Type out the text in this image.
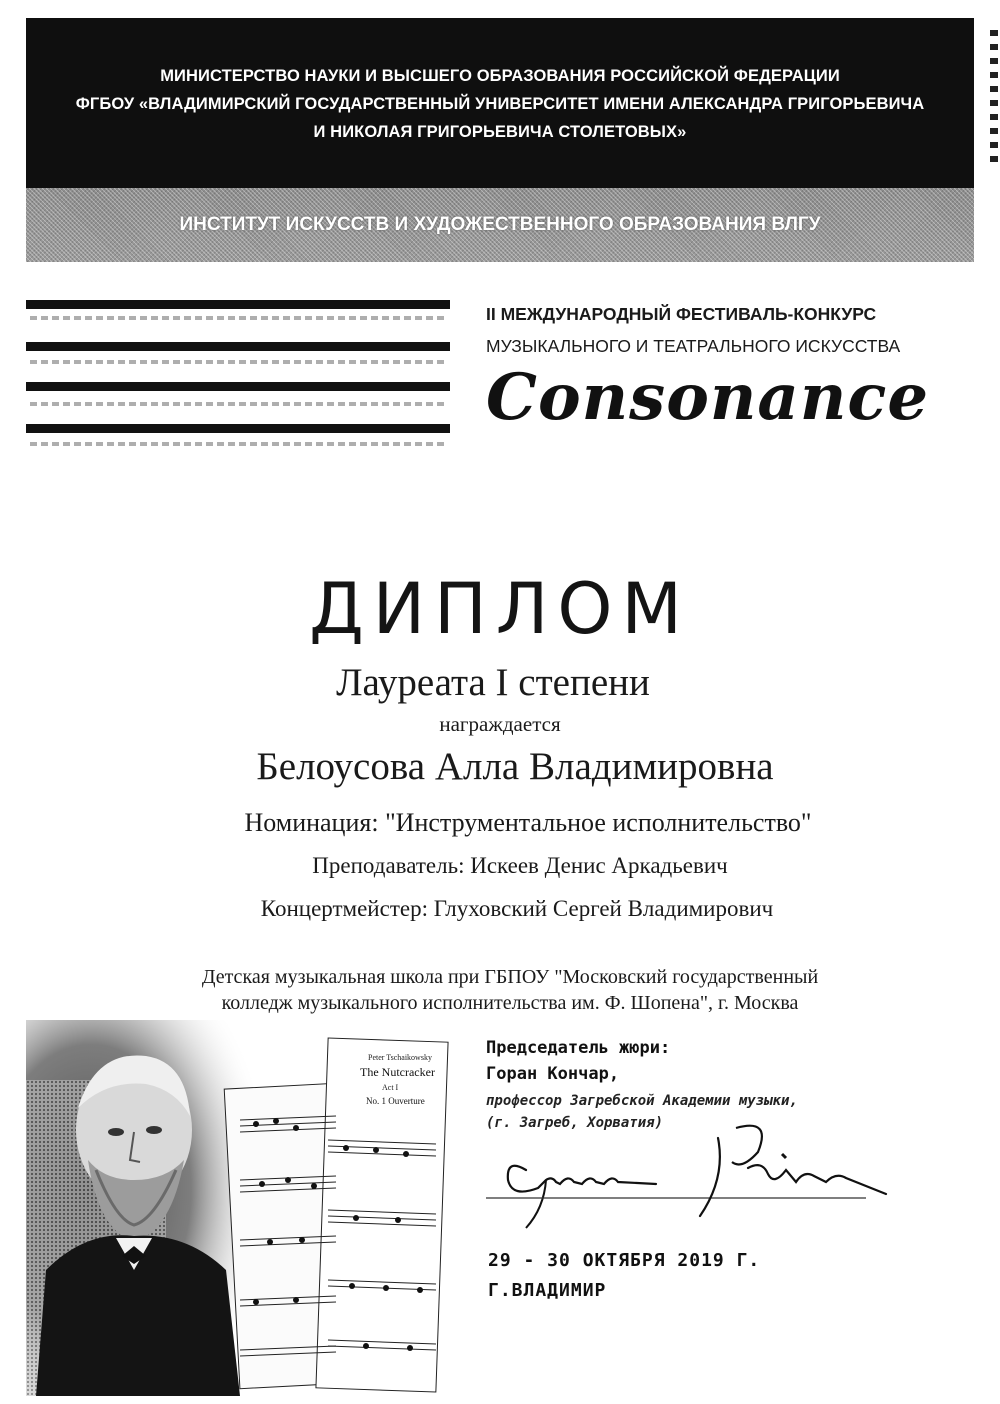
МИНИСТЕРСТВО НАУКИ И ВЫСШЕГО ОБРАЗОВАНИЯ РОССИЙСКОЙ ФЕДЕРАЦИИ
ФГБОУ «ВЛАДИМИРСКИЙ ГОСУДАРСТВЕННЫЙ УНИВЕРСИТЕТ ИМЕНИ АЛЕКСАНДРА ГРИГОРЬЕВИЧА
И НИКОЛАЯ ГРИГОРЬЕВИЧА СТОЛЕТОВЫХ»
ИНСТИТУТ ИСКУССТВ И ХУДОЖЕСТВЕННОГО ОБРАЗОВАНИЯ ВЛГУ
II МЕЖДУНАРОДНЫЙ ФЕСТИВАЛЬ-КОНКУРС
МУЗЫКАЛЬНОГО И ТЕАТРАЛЬНОГО ИСКУССТВА
Consonance
ДИПЛОМ
Лауреата I степени
награждается
Белоусова Алла Владимировна
Номинация: "Инструментальное исполнительство"
Преподаватель: Искеев Денис Аркадьевич
Концертмейстер: Глуховский Сергей Владимирович
Детская музыкальная школа при ГБПОУ "Московский государственный
колледж музыкального исполнительства им. Ф. Шопена", г. Москва
Peter Tschaikowsky
The Nutcracker
Act I
No. 1 Ouverture
Председатель жюри:
Горан Кончар,
профессор Загребской Академии музыки,
(г. Загреб, Хорватия)
29 - 30 ОКТЯБРЯ 2019 Г.
Г.ВЛАДИМИР
